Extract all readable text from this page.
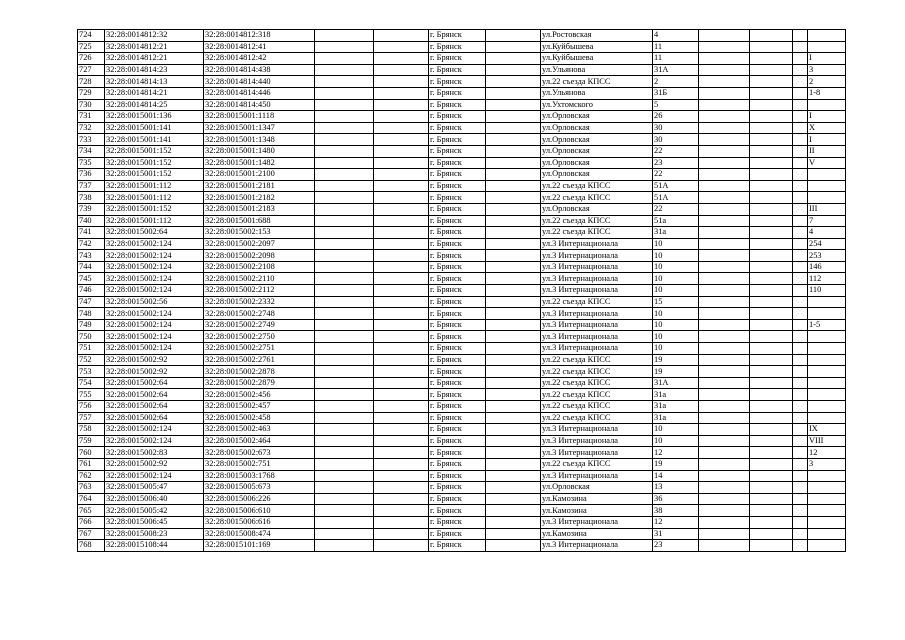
724	32:28:0014812:32	32:28:0014812:318			г. Брянск		ул.Ростовская	4				
725	32:28:0014812:21	32:28:0014812:41			г. Брянск		ул.Куйбышева	11				
726	32:28:0014812:21	32:28:0014812:42			г. Брянск		ул.Куйбышева	11				I
727	32:28:0014814:23	32:28:0014814:438			г. Брянск		ул.Ульянова	31А				3
728	32:28:0014814:13	32:28:0014814:440			г. Брянск		ул.22 съезда КПСС	2				2
729	32:28:0014814:21	32:28:0014814:446			г. Брянск		ул.Ульянова	31Б				1-8
730	32:28:0014814:25	32:28:0014814:450			г. Брянск		ул.Ухтомского	5				
731	32:28:0015001:136	32:28:0015001:1118			г. Брянск		ул.Орловская	26				I
732	32:28:0015001:141	32:28:0015001:1347			г. Брянск		ул.Орловская	30				X
733	32:28:0015001:141	32:28:0015001:1348			г. Брянск		ул.Орловская	30				I
734	32:28:0015001:152	32:28:0015001:1480			г. Брянск		ул.Орловская	22				II
735	32:28:0015001:152	32:28:0015001:1482			г. Брянск		ул.Орловская	23				V
736	32:28:0015001:152	32:28:0015001:2100			г. Брянск		ул.Орловская	22				
737	32:28:0015001:112	32:28:0015001:2181			г. Брянск		ул.22 съезда КПСС	51А				
738	32:28:0015001:112	32:28:0015001:2182			г. Брянск		ул.22 съезда КПСС	51А				
739	32:28:0015001:152	32:28:0015001:2183			г. Брянск		ул.Орловская	22				III
740	32:28:0015001:112	32:28:0015001:688			г. Брянск		ул.22 съезда КПСС	51а				7
741	32:28:0015002:64	32:28:0015002:153			г. Брянск		ул.22 съезда КПСС	31а				4
742	32:28:0015002:124	32:28:0015002:2097			г. Брянск		ул.3 Интернационала	10				254
743	32:28:0015002:124	32:28:0015002:2098			г. Брянск		ул.3 Интернационала	10				253
744	32:28:0015002:124	32:28:0015002:2108			г. Брянск		ул.3 Интернационала	10				146
745	32:28:0015002:124	32:28:0015002:2110			г. Брянск		ул.3 Интернационала	10				112
746	32:28:0015002:124	32:28:0015002:2112			г. Брянск		ул.3 Интернационала	10				110
747	32:28:0015002:56	32:28:0015002:2332			г. Брянск		ул.22 съезда КПСС	15				
748	32:28:0015002:124	32:28:0015002:2748			г. Брянск		ул.3 Интернационала	10				
749	32:28:0015002:124	32:28:0015002:2749			г. Брянск		ул.3 Интернационала	10				1-5
750	32:28:0015002:124	32:28:0015002:2750			г. Брянск		ул.3 Интернационала	10				
751	32:28:0015002:124	32:28:0015002:2751			г. Брянск		ул.3 Интернационала	10				
752	32:28:0015002:92	32:28:0015002:2761			г. Брянск		ул.22 съезда КПСС	19				
753	32:28:0015002:92	32:28:0015002:2878			г. Брянск		ул.22 съезда КПСС	19				
754	32:28:0015002:64	32:28:0015002:2879			г. Брянск		ул.22 съезда КПСС	31А				
755	32:28:0015002:64	32:28:0015002:456			г. Брянск		ул.22 съезда КПСС	31а				
756	32:28:0015002:64	32:28:0015002:457			г. Брянск		ул.22 съезда КПСС	31а				
757	32:28:0015002:64	32:28:0015002:458			г. Брянск		ул.22 съезда КПСС	31а				
758	32:28:0015002:124	32:28:0015002:463			г. Брянск		ул.3 Интернационала	10				IX
759	32:28:0015002:124	32:28:0015002:464			г. Брянск		ул.3 Интернационала	10				VIII
760	32:28:0015002:83	32:28:0015002:673			г. Брянск		ул.3 Интернационала	12				12
761	32:28:0015002:92	32:28:0015002:751			г. Брянск		ул.22 съезда КПСС	19				3
762	32:28:0015002:124	32:28:0015003:1768			г. Брянск		ул.3 Интернационала	14				
763	32:28:0015005:47	32:28:0015005:673			г. Брянск		ул.Орловская	13				
764	32:28:0015006:40	32:28:0015006:226			г. Брянск		ул.Камозина	36				
765	32:28:0015005:42	32:28:0015006:610			г. Брянск		ул.Камозина	38				
766	32:28:0015006:45	32:28:0015006:616			г. Брянск		ул.3 Интернационала	12				
767	32:28:0015008:23	32:28:0015008:474			г. Брянск		ул.Камозина	31				
768	32:28:0015108:44	32:28:0015101:169			г. Брянск		ул.3 Интернационала	23				
